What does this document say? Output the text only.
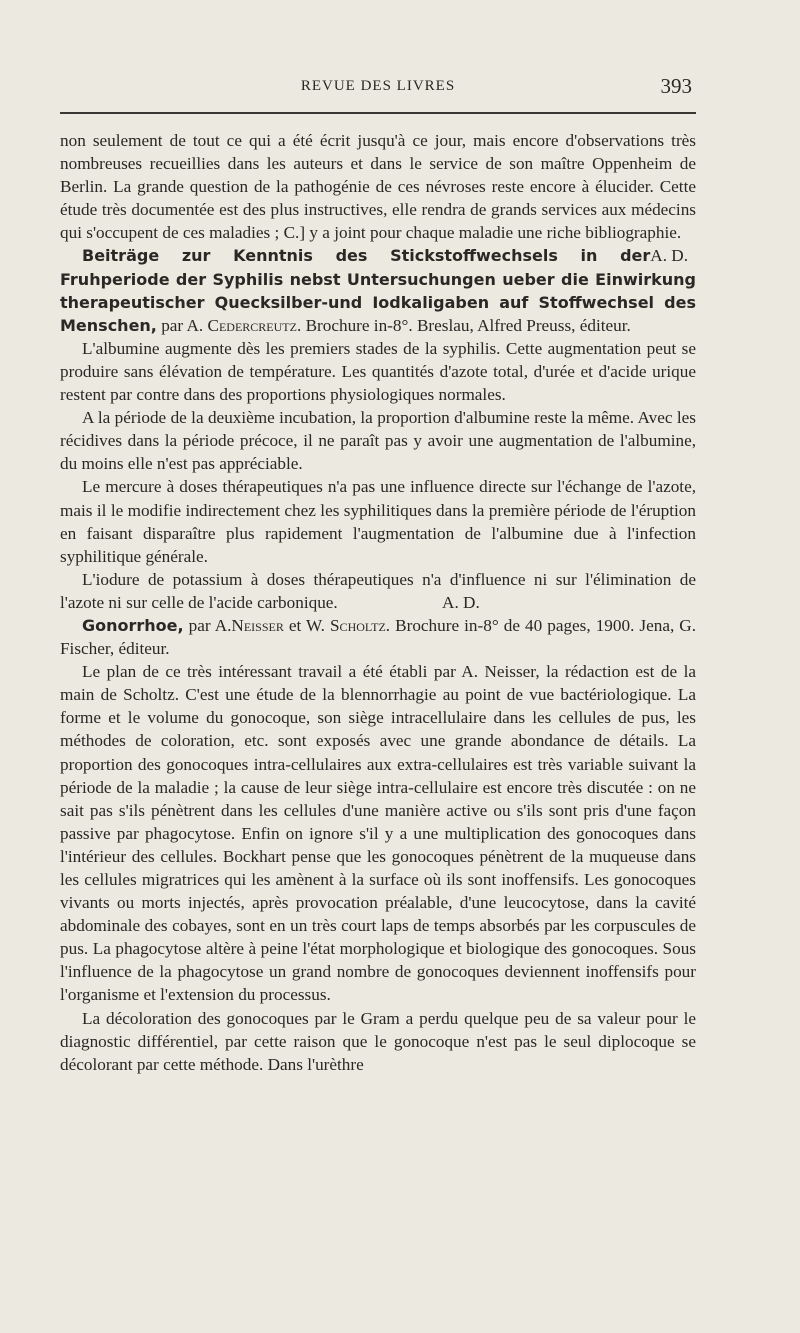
REVUE DES LIVRES	393

non seulement de tout ce qui a été écrit jusqu'à ce jour, mais encore d'observations très nombreuses recueillies dans les auteurs et dans le service de son maître Oppenheim de Berlin. La grande question de la pathogénie de ces névroses reste encore à élucider. Cette étude très documentée est des plus instructives, elle rendra de grands services aux médecins qui s'occupent de ces maladies ; C.] y a joint pour chaque maladie une riche bibliographie.
A. D.

Beiträge zur Kenntnis des Stickstoffwechsels in der Fruhperiode der Syphilis nebst Untersuchungen ueber die Einwirkung therapeutischer Quecksilber-und Iodkaligaben auf Stoffwechsel des Menschen, par A. Cedercreutz. Brochure in-8°. Breslau, Alfred Preuss, éditeur.

L'albumine augmente dès les premiers stades de la syphilis. Cette augmentation peut se produire sans élévation de température. Les quantités d'azote total, d'urée et d'acide urique restent par contre dans des proportions physiologiques normales.

A la période de la deuxième incubation, la proportion d'albumine reste la même. Avec les récidives dans la période précoce, il ne paraît pas y avoir une augmentation de l'albumine, du moins elle n'est pas appréciable.

Le mercure à doses thérapeutiques n'a pas une influence directe sur l'échange de l'azote, mais il le modifie indirectement chez les syphilitiques dans la première période de l'éruption en faisant disparaître plus rapidement l'augmentation de l'albumine due à l'infection syphilitique générale.

L'iodure de potassium à doses thérapeutiques n'a d'influence ni sur l'élimination de l'azote ni sur celle de l'acide carbonique.	A. D.

Gonorrhoe, par A.Neisser et W. Scholtz. Brochure in-8° de 40 pages, 1900. Jena, G. Fischer, éditeur.

Le plan de ce très intéressant travail a été établi par A. Neisser, la rédaction est de la main de Scholtz. C'est une étude de la blennorrhagie au point de vue bactériologique. La forme et le volume du gonocoque, son siège intracellulaire dans les cellules de pus, les méthodes de coloration, etc. sont exposés avec une grande abondance de détails. La proportion des gonocoques intra-cellulaires aux extra-cellulaires est très variable suivant la période de la maladie ; la cause de leur siège intra-cellulaire est encore très discutée : on ne sait pas s'ils pénètrent dans les cellules d'une manière active ou s'ils sont pris d'une façon passive par phagocytose. Enfin on ignore s'il y a une multiplication des gonocoques dans l'intérieur des cellules. Bockhart pense que les gonocoques pénètrent de la muqueuse dans les cellules migratrices qui les amènent à la surface où ils sont inoffensifs. Les gonocoques vivants ou morts injectés, après provocation préalable, d'une leucocytose, dans la cavité abdominale des cobayes, sont en un très court laps de temps absorbés par les corpuscules de pus. La phagocytose altère à peine l'état morphologique et biologique des gonocoques. Sous l'influence de la phagocytose un grand nombre de gonocoques deviennent inoffensifs pour l'organisme et l'extension du processus.

La décoloration des gonocoques par le Gram a perdu quelque peu de sa valeur pour le diagnostic différentiel, par cette raison que le gonocoque n'est pas le seul diplocoque se décolorant par cette méthode. Dans l'urèthre
